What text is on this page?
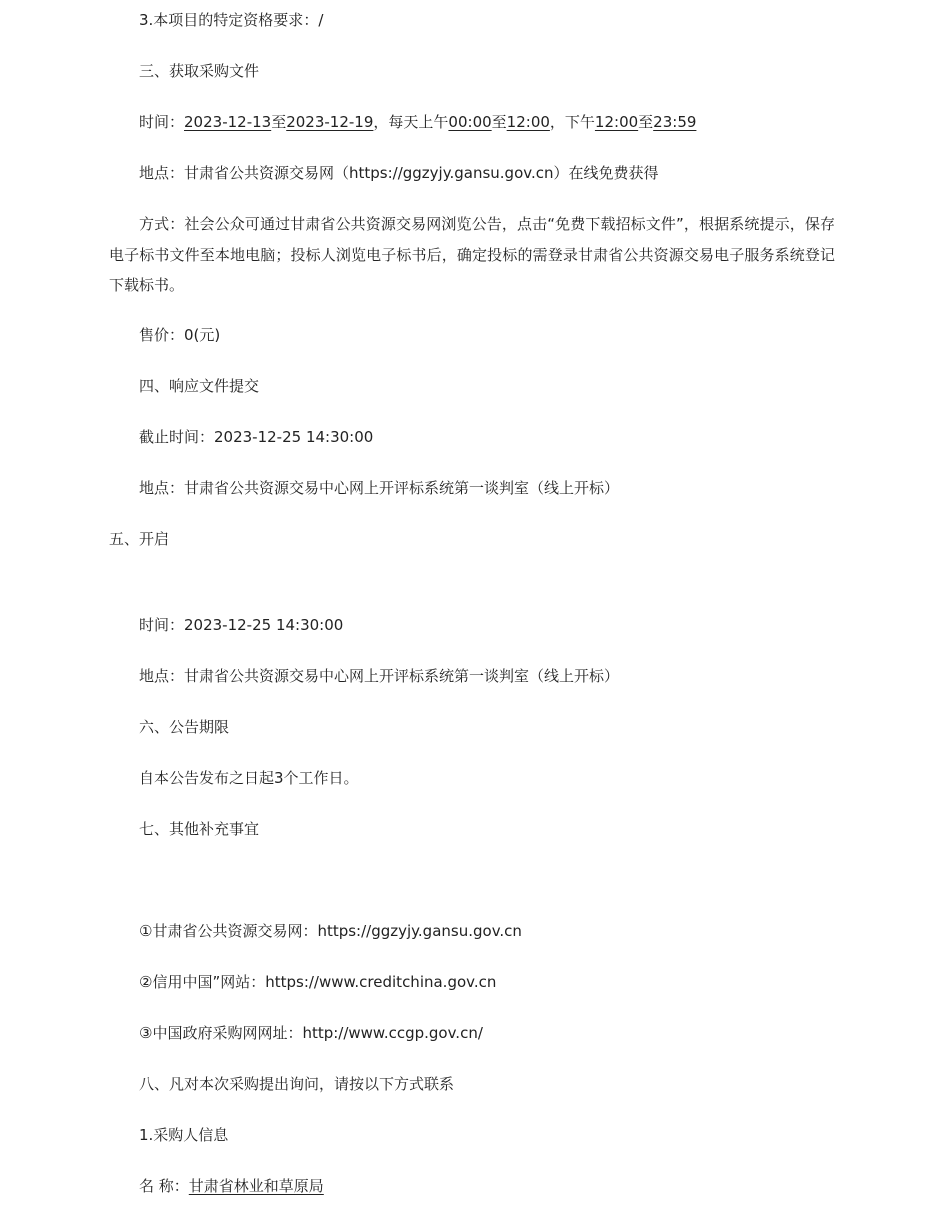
3.本项目的特定资格要求：/
三、获取采购文件
时间：2023-12-13至2023-12-19，每天上午00:00至12:00，下午12:00至23:59
地点：甘肃省公共资源交易网（https://ggzyjy.gansu.gov.cn）在线免费获得
方式：社会公众可通过甘肃省公共资源交易网浏览公告，点击“免费下载招标文件”，根据系统提示，保存电子标书文件至本地电脑；投标人浏览电子标书后，确定投标的需登录甘肃省公共资源交易电子服务系统登记下载标书。
售价：0(元)
四、响应文件提交
截止时间：2023-12-25 14:30:00
地点：甘肃省公共资源交易中心网上开评标系统第一谈判室（线上开标）
五、开启
时间：2023-12-25 14:30:00
地点：甘肃省公共资源交易中心网上开评标系统第一谈判室（线上开标）
六、公告期限
自本公告发布之日起3个工作日。
七、其他补充事宜
①甘肃省公共资源交易网：https://ggzyjy.gansu.gov.cn
②信用中国”网站：https://www.creditchina.gov.cn
③中国政府采购网网址：http://www.ccgp.gov.cn/
八、凡对本次采购提出询问，请按以下方式联系
1.采购人信息
名 称：甘肃省林业和草原局
